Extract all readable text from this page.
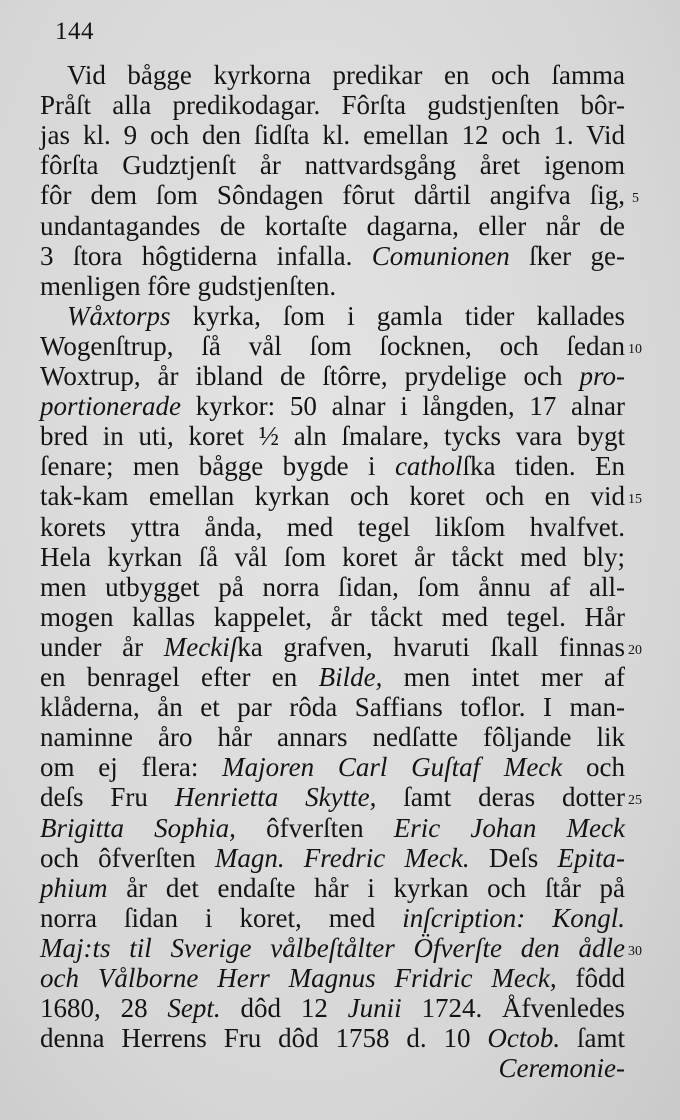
144
 Vid bågge kyrkorna predikar en och ſamma
Pråſt alla predikodagar. Fôrſta gudstjenſten bôr-
jas kl. 9 och den ſidſta kl. emellan 12 och 1. Vid
fôrſta Gudztjenſt år nattvardsgång året igenom
fôr dem ſom Sôndagen fôrut dårtil angifva ſig,
undantagandes de kortaſte dagarna, eller når de
3 ſtora hôgtiderna infalla. Comunionen ſker ge-
menligen fôre gudstjenſten.
 Wåxtorps kyrka, ſom i gamla tider kallades
Wogenſtrup, ſå vål ſom ſocknen, och ſedan
Woxtrup, år ibland de ſtôrre, prydelige och pro-
portionerade kyrkor: 50 alnar i långden, 17 alnar
bred in uti, koret ½ aln ſmalare, tycks vara bygt
ſenare; men bågge bygde i catholſka tiden. En
tak-kam emellan kyrkan och koret och en vid
korets yttra ånda, med tegel likſom hvalfvet.
Hela kyrkan ſå vål ſom koret år tåckt med bly;
men utbygget på norra ſidan, ſom ånnu af all-
mogen kallas kappelet, år tåckt med tegel. Hår
under år Meckiſka grafven, hvaruti ſkall finnas
en benragel efter en Bilde, men intet mer af
klåderna, ån et par rôda Saffians toflor. I man-
naminne åro hår annars nedſatte fôljande lik
om ej flera: Majoren Carl Guſtaf Meck och
deſs Fru Henrietta Skytte, ſamt deras dotter
Brigitta Sophia, ôfverſten Eric Johan Meck
och ôfverſten Magn. Fredric Meck. Deſs Epita-
phium år det endaſte hår i kyrkan och ſtår på
norra ſidan i koret, med inſcription: Kongl.
Maj:ts til Sverige vålbeſtålter Öfverſte den ådle
och Vålborne Herr Magnus Fridric Meck, fôdd
1680, 28 Sept. dôd 12 Junii 1724. Åfvenledes
denna Herrens Fru dôd 1758 d. 10 Octob. ſamt
Ceremonie-
5
10
15
20
25
30
